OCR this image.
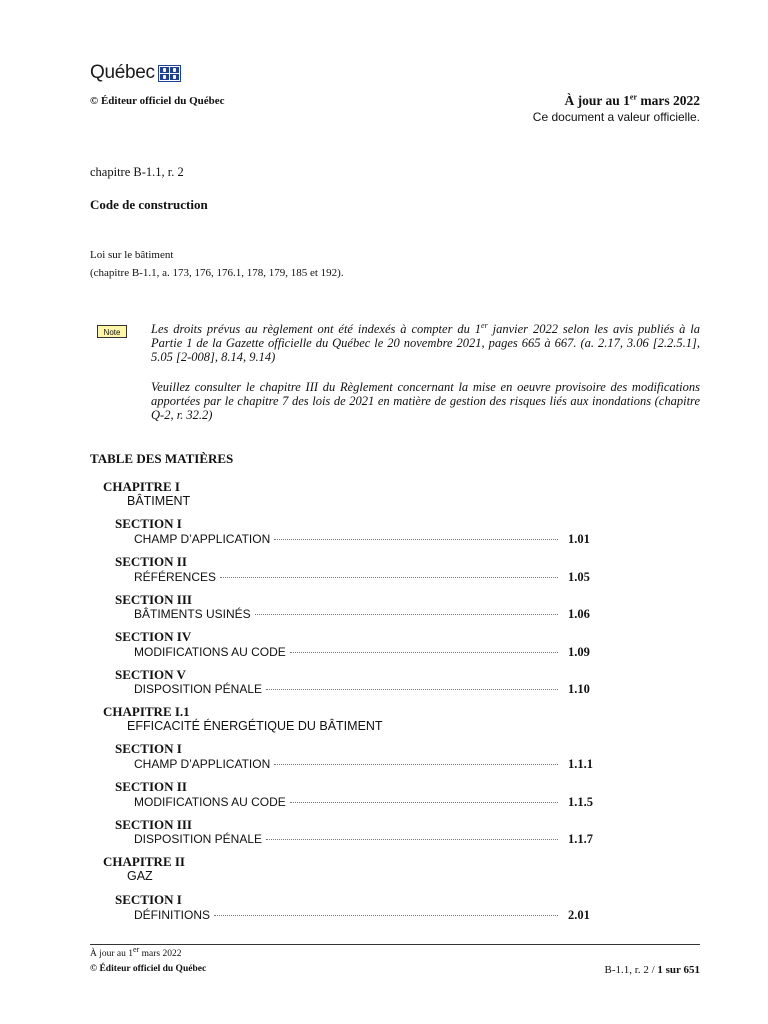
Québec
© Éditeur officiel du Québec	À jour au 1er mars 2022
Ce document a valeur officielle.
chapitre B-1.1, r. 2
Code de construction
Loi sur le bâtiment
(chapitre B-1.1, a. 173, 176, 176.1, 178, 179, 185 et 192).
Note	Les droits prévus au règlement ont été indexés à compter du 1er janvier 2022 selon les avis publiés à la Partie 1 de la Gazette officielle du Québec le 20 novembre 2021, pages 665 à 667. (a. 2.17, 3.06 [2.2.5.1], 5.05 [2-008], 8.14, 9.14)
Veuillez consulter le chapitre III du Règlement concernant la mise en oeuvre provisoire des modifications apportées par le chapitre 7 des lois de 2021 en matière de gestion des risques liés aux inondations (chapitre Q-2, r. 32.2)
TABLE DES MATIÈRES
CHAPITRE I
BÂTIMENT
SECTION I
CHAMP D’APPLICATION	1.01
SECTION II
RÉFÉRENCES	1.05
SECTION III
BÂTIMENTS USINÉS	1.06
SECTION IV
MODIFICATIONS AU CODE	1.09
SECTION V
DISPOSITION PÉNALE	1.10
CHAPITRE I.1
EFFICACITÉ ÉNERGÉTIQUE DU BÂTIMENT
SECTION I
CHAMP D’APPLICATION	1.1.1
SECTION II
MODIFICATIONS AU CODE	1.1.5
SECTION III
DISPOSITION PÉNALE	1.1.7
CHAPITRE II
GAZ
SECTION I
DÉFINITIONS	2.01
À jour au 1er mars 2022
© Éditeur officiel du Québec	B-1.1, r. 2 / 1 sur 651
